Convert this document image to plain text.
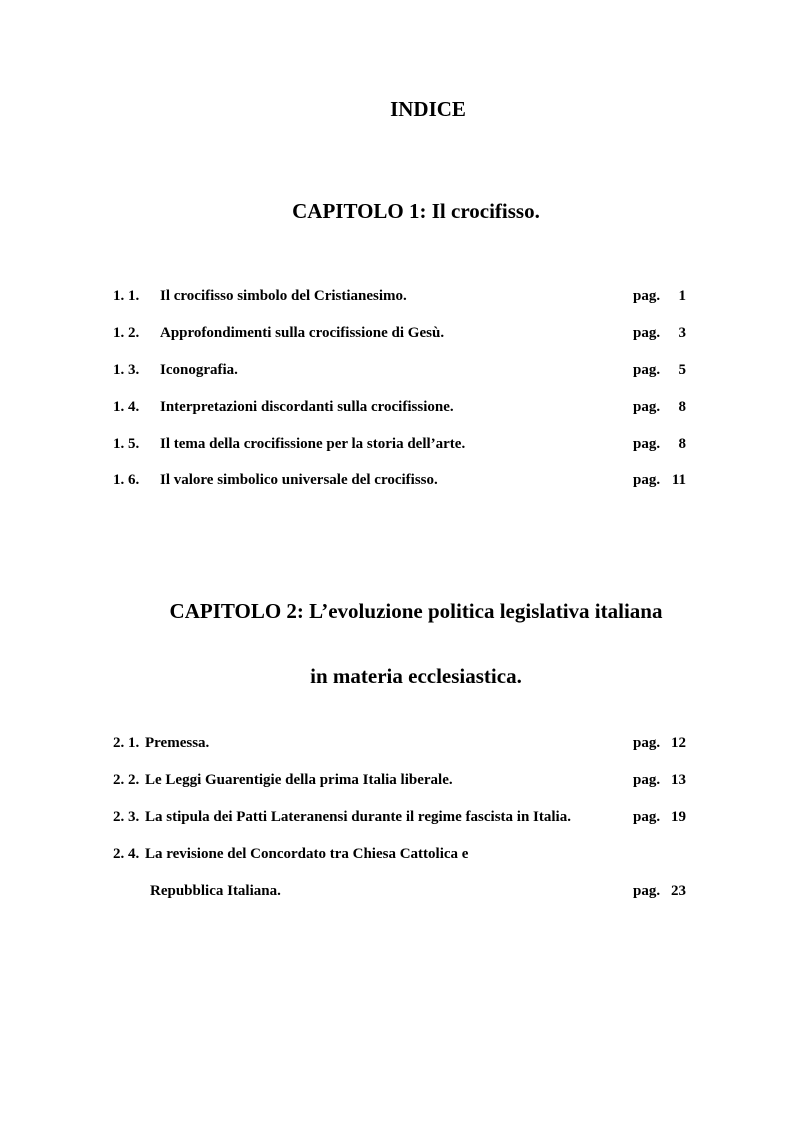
INDICE
CAPITOLO 1: Il crocifisso.
1. 1. Il crocifisso simbolo del Cristianesimo.	pag.	1
1. 2. Approfondimenti sulla crocifissione di Gesù.	pag.	3
1. 3. Iconografia.	pag.	5
1. 4. Interpretazioni discordanti sulla crocifissione.	pag.	8
1. 5. Il tema della crocifissione per la storia dell’arte.	pag.	8
1. 6. Il valore simbolico universale del crocifisso.	pag. 11
CAPITOLO 2: L’evoluzione politica legislativa italiana
in materia ecclesiastica.
2. 1. Premessa.	pag. 12
2. 2. Le Leggi Guarentigie della prima Italia liberale.	pag. 13
2. 3. La stipula dei Patti Lateranensi durante il regime fascista in Italia.	pag. 19
2. 4. La revisione del Concordato tra Chiesa Cattolica e
Repubblica Italiana.	pag. 23
